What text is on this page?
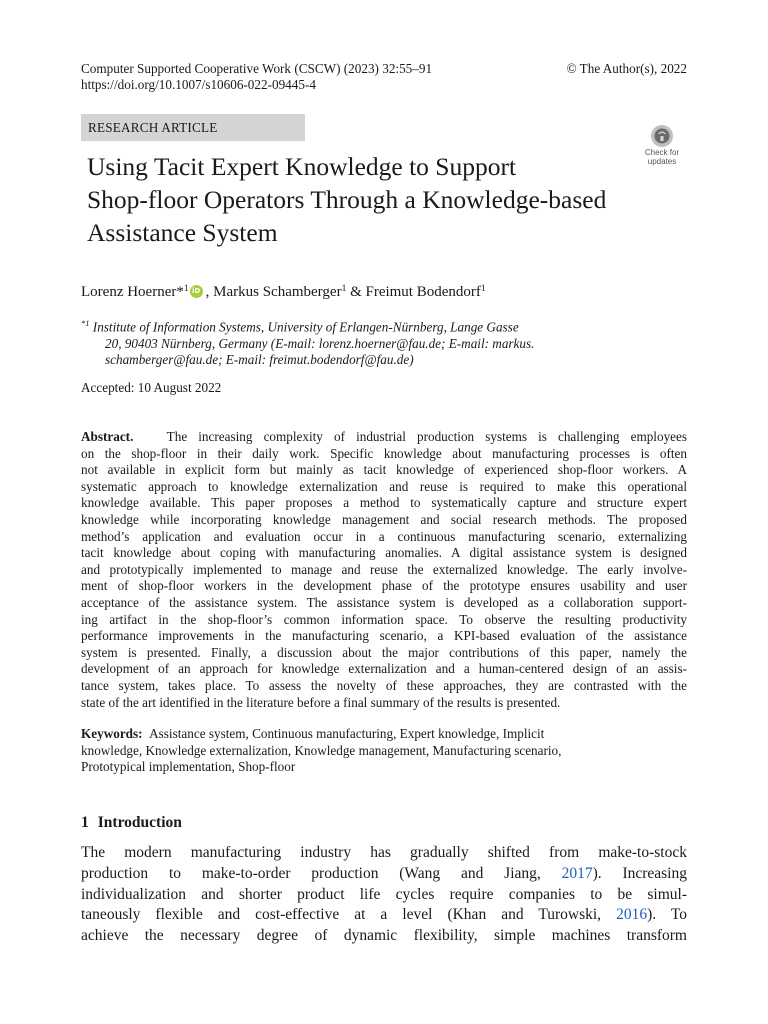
Computer Supported Cooperative Work (CSCW) (2023) 32:55–91	© The Author(s), 2022
https://doi.org/10.1007/s10606-022-09445-4
RESEARCH ARTICLE
Check for
updates
Using Tacit Expert Knowledge to Support
Shop-floor Operators Through a Knowledge-based
Assistance System
Lorenz Hoerner*$^1$ iD , Markus Schamberger$^1$ & Freimut Bodendorf$^1$
$^{*1}$ Institute of Information Systems, University of Erlangen-Nürnberg, Lange Gasse
20, 90403 Nürnberg, Germany (E-mail: lorenz.hoerner@fau.de; E-mail: markus.
schamberger@fau.de; E-mail: freimut.bodendorf@fau.de)
Accepted: 10 August 2022
Abstract.	The increasing complexity of industrial production systems is challenging employees
on the shop-floor in their daily work. Specific knowledge about manufacturing processes is often
not available in explicit form but mainly as tacit knowledge of experienced shop-floor workers. A
systematic approach to knowledge externalization and reuse is required to make this operational
knowledge available. This paper proposes a method to systematically capture and structure expert
knowledge while incorporating knowledge management and social research methods. The proposed
method’s application and evaluation occur in a continuous manufacturing scenario, externalizing
tacit knowledge about coping with manufacturing anomalies. A digital assistance system is designed
and prototypically implemented to manage and reuse the externalized knowledge. The early involve-
ment of shop-floor workers in the development phase of the prototype ensures usability and user
acceptance of the assistance system. The assistance system is developed as a collaboration support-
ing artifact in the shop-floor’s common information space. To observe the resulting productivity
performance improvements in the manufacturing scenario, a KPI-based evaluation of the assistance
system is presented. Finally, a discussion about the major contributions of this paper, namely the
development of an approach for knowledge externalization and a human-centered design of an assis-
tance system, takes place. To assess the novelty of these approaches, they are contrasted with the
state of the art identified in the literature before a final summary of the results is presented.
Keywords: Assistance system, Continuous manufacturing, Expert knowledge, Implicit
knowledge, Knowledge externalization, Knowledge management, Manufacturing scenario,
Prototypical implementation, Shop-floor
1 Introduction
The modern manufacturing industry has gradually shifted from make-to-stock
production to make-to-order production (Wang and Jiang, 2017). Increasing
individualization and shorter product life cycles require companies to be simul-
taneously flexible and cost-effective at a level (Khan and Turowski, 2016). To
achieve the necessary degree of dynamic flexibility, simple machines transform
